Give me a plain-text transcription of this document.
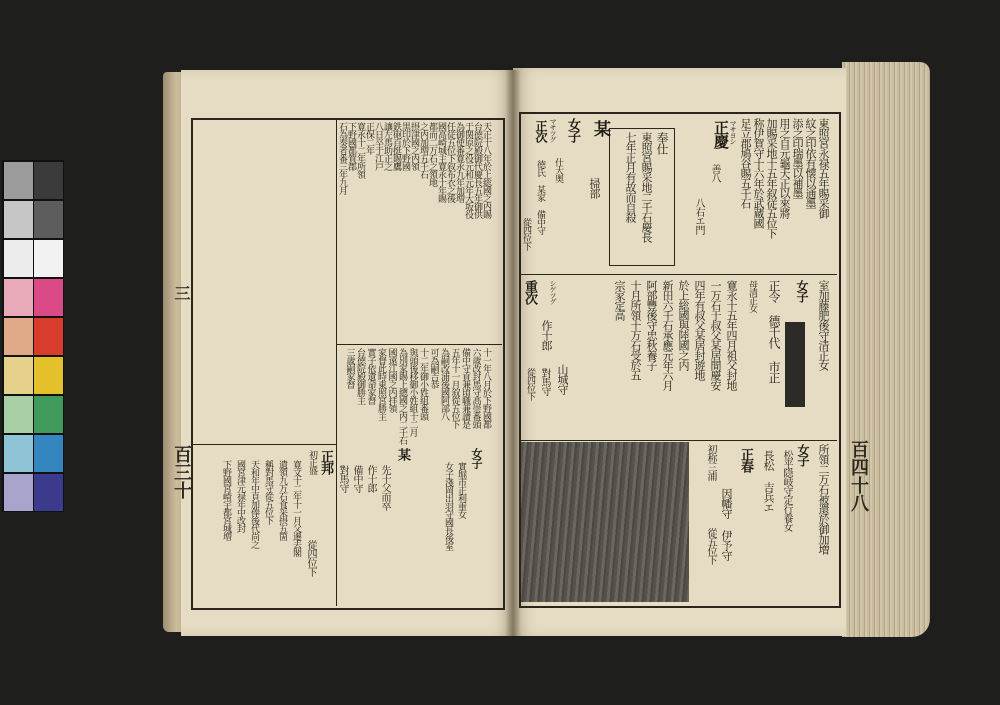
天正十八年於上総國之内賜
台徳院殿御代慶長五年御供
于関原之役元和元年大坂役
為御使番寛永九年加増
任従五位下叙布衣之後
國高崎城主寛永十年賜
都而二万石之領地
之内加増五千石
摂津國之内領
黒印於下野國
鉄砲百挺賜鷹
讓左馬助正之
八日卒于江戸
正保二年
寛永十二年所領
下野國都賀郡
石為奏者番三年九月
十一年八月於下野國都
六歳改封馬守高崇番頭
備中守貢兼頃職兼讀是
五年十一月叙從五位下
為嗣改浦後國阿部八
可為嗣吉恭
十二年御小姓組番頭
與頭後移御小姓組十二月
為別家賜上總國之内二千石
國遠江國之内拝領
家督此時東照宮勝主
實子依遺命家督
台徳院殿御勝主
三歳嗣家督
某
先十父而卒
作十郎
備中守
對馬守
女子
實堀市正利重女
女子淺岡出羽守國長後室
正邦
初正盛
寛文十二年十一月父遷去閣
遺領九万石食采摂五箇
稱對馬守從五位下
天和年中頁加俸後代尚之
國宮津元禄年中改封
下野國宮崎宇都宮城増
從四位下
三
百三十
東照宮永禄五年賜采御
紋之印依有懐以通墨
添之印瑞墨以補墨
用之自元龜天正以來將
加賜采地十五年叙従五位下
称伊賀守十六年於武蔵國
足立郡鳩谷賜五千石
マサヨシ
正慶
善八
八右エ門
奉仕
東照宮賜采地二千石慶長
七年正月有故而自殺
某
掃部
女子
マサツグ
正次
仕大奥
徳氏 某家 備中守
從四位下
室加藤肥後守清正女
女子
正令 德千代 市正
母清正女
寛永十五年四月祖父封地
一万石于叔父某居間慶安
四年有叔父某居封遊地
於上総國與陸國之内
新田六千石承應元年六月
阿部豐後守忠秋養子
十月所領十万石受於五
宗家定高
シゲツグ
重次
作十郎
山城守
對馬守
從四位下
所領二万石被還於御加増
女子
松平隠岐守定行養女
長松 吉兵エ
正春
因幡守 伊予守
初称三浦
從五位下
百四十八
